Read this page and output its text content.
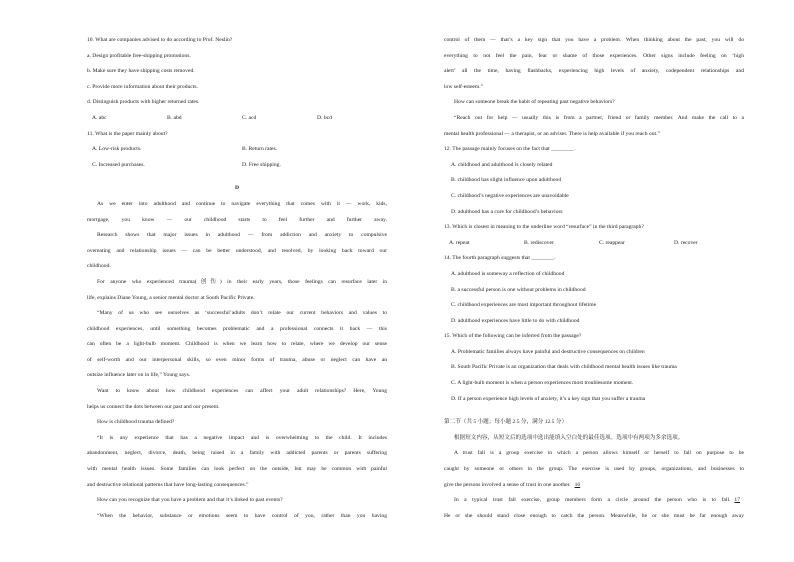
10. What are companies advised to do according to Prof. Neslin?
a. Design profitable free-shipping promotions.
b. Make sure they have shipping costs removed.
c. Provide more information about their products.
d. Distinguish products with higher returned rates.
A. abc	B. abd	C. acd	D. bcd
11. What is the paper mainly about?
A. Low-risk products.	B. Return rates.
C. Increased purchases.	D. Free shipping.
D
As we enter into adulthood and continue to navigate everything that comes with it — work, kids,
mortgage, you know — our childhood starts to feel further and further away.
Research shows that major issues in adulthood — from addiction and anxiety to compulsive
overeating and relationship issues — can be better understood, and resolved, by looking back toward our
childhood.
For anyone who experienced trauma(创伤) in their early years, those feelings can resurface later in
life, explains Diane Young, a senior mental doctor at South Pacific Private.
“Many of us who see ourselves as ‘successful’adults don’t relate our current behaviors and values to
childhood experiences, until something becomes problematic and a professional connects it back — this
can often be a light-bulb moment. Childhood is when we learn how to relate, where we develop our sense
of self-worth and our interpersonal skills, so even minor forms of trauma, abuse or neglect can have an
outsize influence later on in life,” Young says.
Want to know about how childhood experiences can affect your adult relationships? Here, Young
helps us connect the dots between our past and our present.
How is childhood trauma defined?
“It is any experience that has a negative impact and is overwhelming to the child. It includes
abandonment, neglect, divorce, death, being raised in a family with addicted parents or parents suffering
with mental health issues. Some families can look perfect on the outside, but may be common with painful
and destructive relational patterns that have long-lasting consequences.”
How can you recognize that you have a problem and that it’s linked to past events?
“When the behavior, substance or emotions seem to have control of you, rather than you having
control of them — that’s a key sign that you have a problem. When thinking about the past, you will do
everything to not feel the pain, fear or shame of those experiences. Other signs include feeling on ‘high
alert’ all the time, having flashbacks, experiencing high levels of anxiety, codependent relationships and
low self-esteem.”
How can someone break the habit of repeating past negative behaviors?
“Reach out for help — usually this is from a partner, friend or family member. And make the call to a
mental health professional — a therapist, or an adviser. There is help available if you reach out.”
12. The passage mainly focuses on the fact that ________.
A. childhood and adulthood is closely related
B. childhood has slight influence upon adulthood
C. childhood’s negative experiences are unavoidable
D. adulthood has a cure for childhood’s behaviors
13. Which is closest in meaning to the underline word “resurface” in the third paragraph?
A. repeat	B. rediscover	C. reappear	D. recover
14. The fourth paragraph suggests that ________.
A. adulthood is someway a reflection of childhood
B. a successful person is one without problems in childhood
C. childhood experiences are most important throughout lifetime
D. adulthood experiences have little to do with childhood
15. Which of the following can be inferred from the passage?
A. Problematic families always have painful and destructive consequences on children
B. South Pacific Private is an organization that deals with childhood mental health issues like trauma
C. A light-bulb moment is when a person experiences most troublesome moment.
D. If a person experience high levels of anxiety, it’s a key sign that you suffer a trauma
第二节（共 5 小题；每小题 2.5 分，满分 12.5 分）
根据短文内容，从短文后的选项中选出能填入空白处的最佳选项。选项中有两项为多余选项。
A trust fall is a group exercise in which a person allows himself or herself to fall on purpose to be
caught by someone or others in the group. The exercise is used by groups, organizations, and businesses to
give the persons involved a sense of trust in one another. 16
In a typical trust fall exercise, group members form a circle around the person who is to fall. 17
He or she should stand close enough to catch the person. Meanwhile, he or she must be far enough away
